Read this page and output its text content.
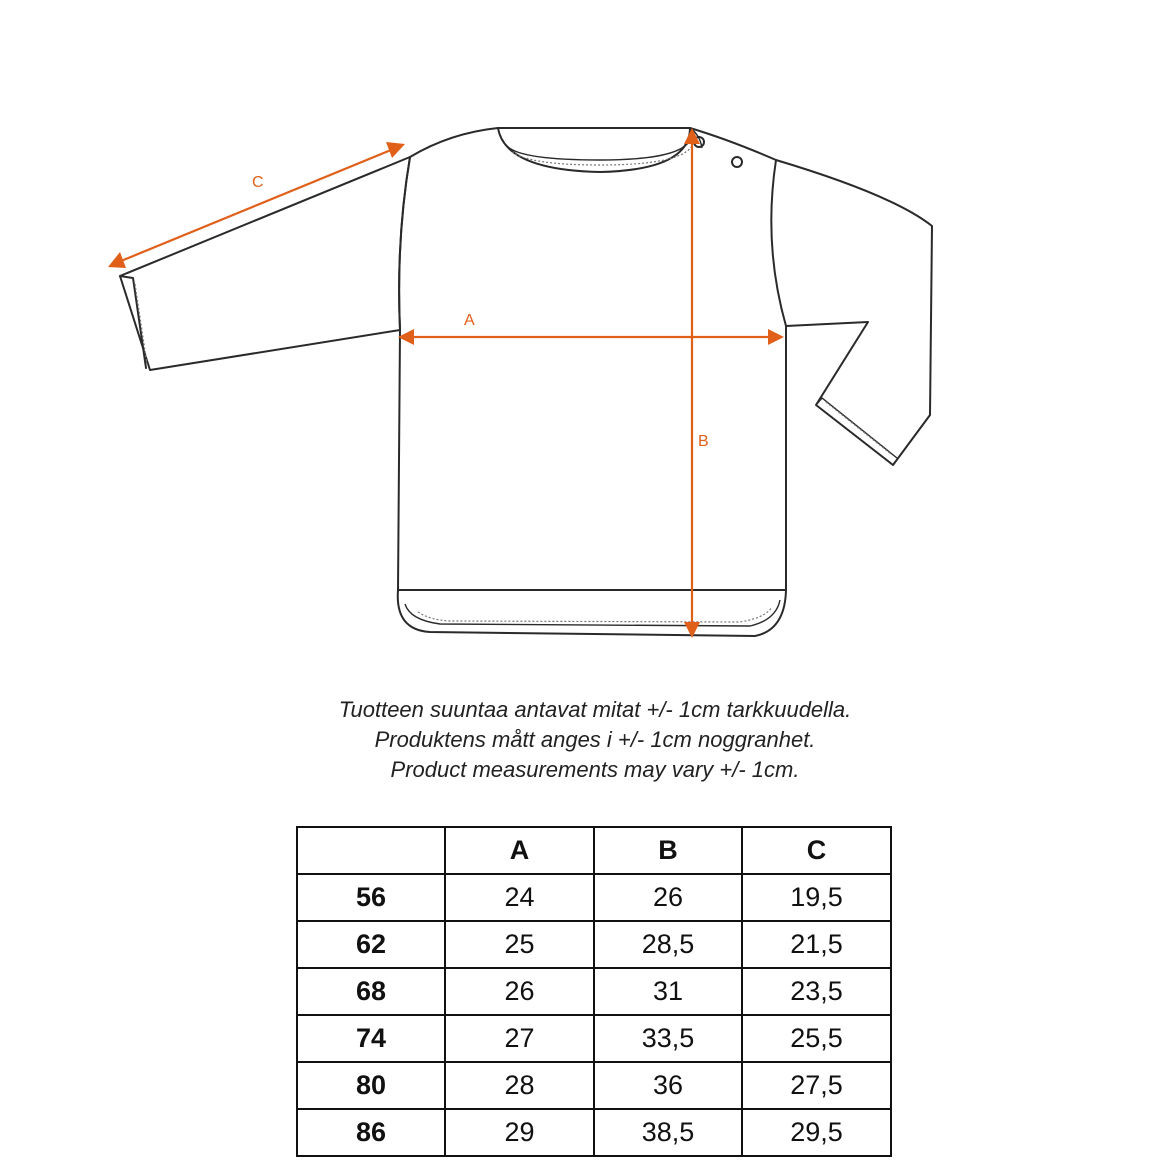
A
B
C
Tuotteen suuntaa antavat mitat +/- 1cm tarkkuudella.
Produktens mått anges i +/- 1cm noggranhet.
Product measurements may vary +/- 1cm.
	A	B	C
56	24	26	19,5
62	25	28,5	21,5
68	26	31	23,5
74	27	33,5	25,5
80	28	36	27,5
86	29	38,5	29,5
